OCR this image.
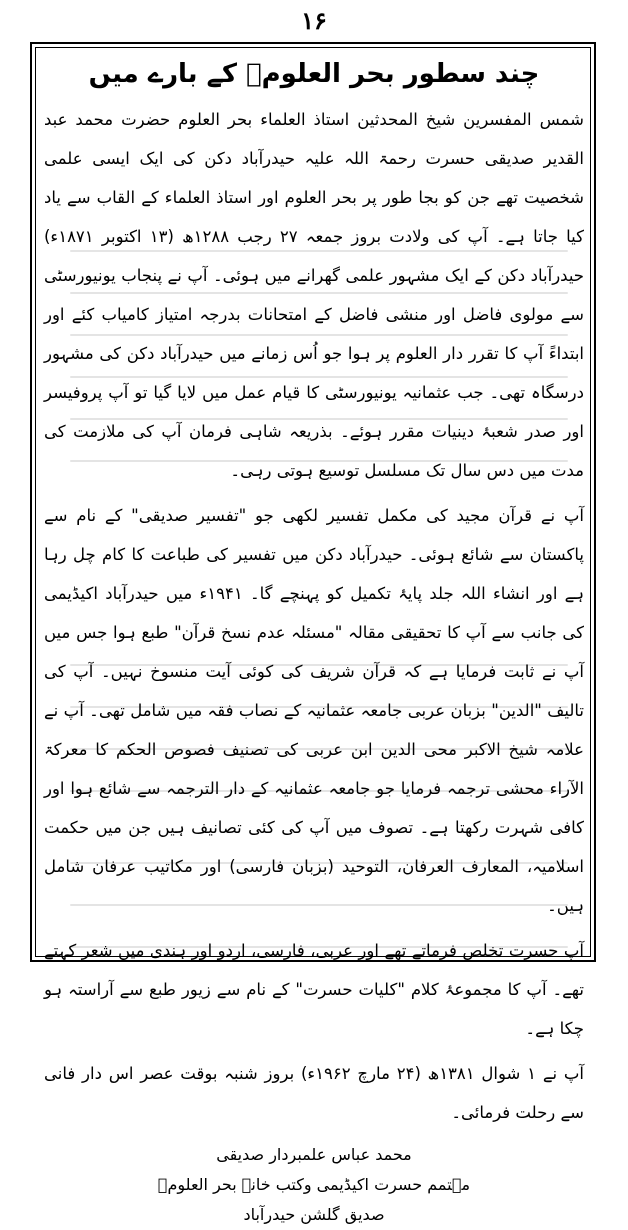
۱۶
چند سطور بحر العلومؒ کے بارے میں

شمس المفسرین شیخ المحدثین استاذ العلماء بحر العلوم حضرت محمد عبد القدیر صدیقی حسرت رحمۃ اللہ علیہ حیدرآباد دکن کی ایک ایسی علمی شخصیت تھے جن کو بجا طور پر بحر العلوم اور استاذ العلماء کے القاب سے یاد کیا جاتا ہے۔ آپ کی ولادت بروز جمعہ ۲۷ رجب ۱۲۸۸ھ (۱۳ اکتوبر ۱۸۷۱ء) حیدرآباد دکن کے ایک مشہور علمی گھرانے میں ہوئی۔ آپ نے پنجاب یونیورسٹی سے مولوی فاضل اور منشی فاضل کے امتحانات بدرجہ امتیاز کامیاب کئے اور ابتداءً آپ کا تقرر دار العلوم پر ہوا جو اُس زمانے میں حیدرآباد دکن کی مشہور درسگاہ تھی۔ جب عثمانیہ یونیورسٹی کا قیام عمل میں لایا گیا تو آپ پروفیسر اور صدر شعبۂ دینیات مقرر ہوئے۔ بذریعہ شاہی فرمان آپ کی ملازمت کی مدت میں دس سال تک مسلسل توسیع ہوتی رہی۔

آپ نے قرآن مجید کی مکمل تفسیر لکھی جو "تفسیر صدیقی" کے نام سے پاکستان سے شائع ہوئی۔ حیدرآباد دکن میں تفسیر کی طباعت کا کام چل رہا ہے اور انشاء اللہ جلد پایۂ تکمیل کو پہنچے گا۔ ۱۹۴۱ء میں حیدرآباد اکیڈیمی کی جانب سے آپ کا تحقیقی مقالہ "مسئلہ عدم نسخ قرآن" طبع ہوا جس میں آپ نے ثابت فرمایا ہے کہ قرآن شریف کی کوئی آیت منسوخ نہیں۔ آپ کی تالیف "الدین" بزبان عربی جامعہ عثمانیہ کے نصاب فقہ میں شامل تھی۔ آپ نے علامہ شیخ الاکبر محی الدین ابن عربی کی تصنیف فصوص الحکم کا معرکۃ الآراء محشی ترجمہ فرمایا جو جامعہ عثمانیہ کے دار الترجمہ سے شائع ہوا اور کافی شہرت رکھتا ہے۔ تصوف میں آپ کی کئی تصانیف ہیں جن میں حکمت اسلامیہ، المعارف العرفان، التوحید (بزبان فارسی) اور مکاتیب عرفان شامل ہیں۔

آپ حسرت تخلص فرماتے تھے اور عربی، فارسی، اردو اور ہندی میں شعر کہتے تھے۔ آپ کا مجموعۂ کلام "کلیات حسرت" کے نام سے زیور طبع سے آراستہ ہو چکا ہے۔

آپ نے ۱ شوال ۱۳۸۱ھ (۲۴ مارچ ۱۹۶۲ء) بروز شنبہ بوقت عصر اس دار فانی سے رحلت فرمائی۔

محمد عباس علمبردار صدیقی

مہتمم حسرت اکیڈیمی وکتب خانہ بحر العلومؒ

صدیق گلشن حیدرآباد
